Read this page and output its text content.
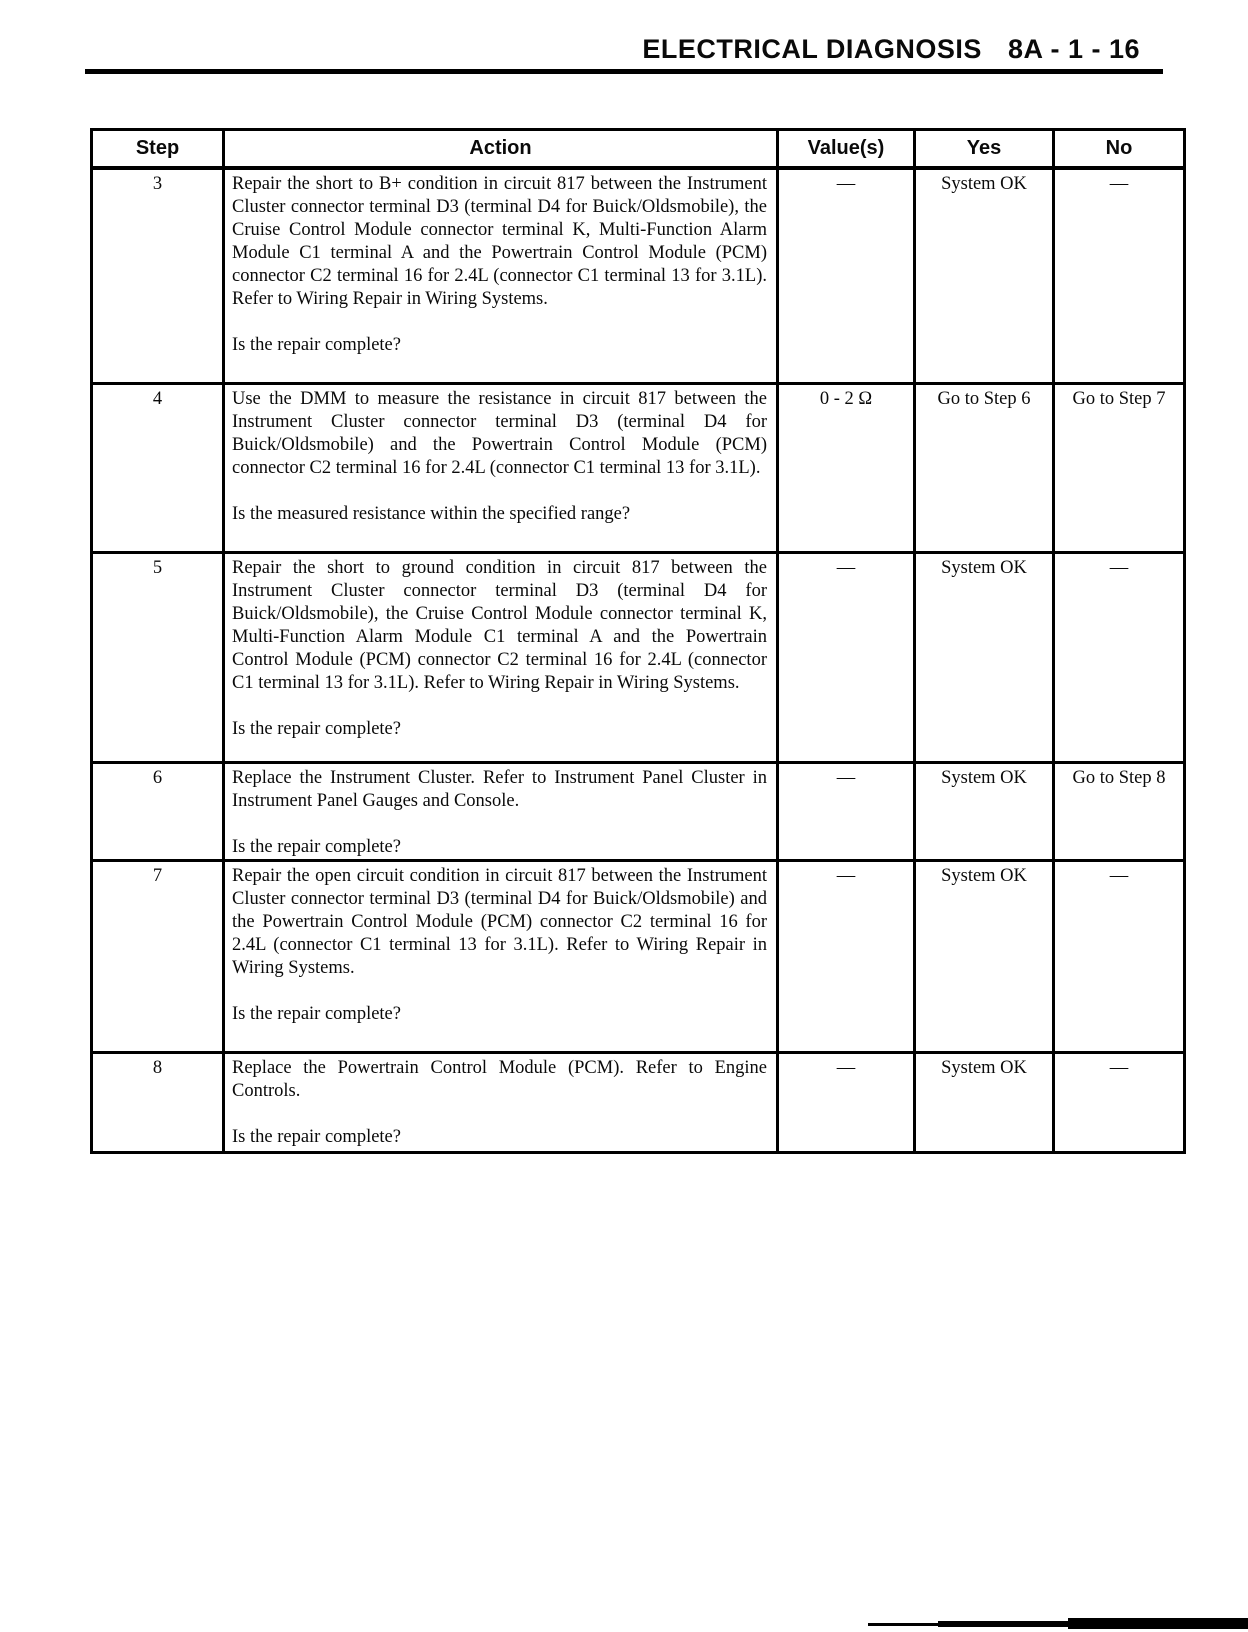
ELECTRICAL DIAGNOSIS 8A - 1 - 16
Step	Action	Value(s)	Yes	No
3	Repair the short to B+ condition in circuit 817 between the Instrument Cluster connector terminal D3 (terminal D4 for Buick/Oldsmobile), the Cruise Control Module connector terminal K, Multi-Function Alarm Module C1 terminal A and the Powertrain Control Module (PCM) connector C2 terminal 16 for 2.4L (connector C1 terminal 13 for 3.1L). Refer to Wiring Repair in Wiring Systems.
Is the repair complete?	—	System OK	—
4	Use the DMM to measure the resistance in circuit 817 between the Instrument Cluster connector terminal D3 (terminal D4 for Buick/Oldsmobile) and the Powertrain Control Module (PCM) connector C2 terminal 16 for 2.4L (connector C1 terminal 13 for 3.1L).
Is the measured resistance within the specified range?	0 - 2 Ω	Go to Step 6	Go to Step 7
5	Repair the short to ground condition in circuit 817 between the Instrument Cluster connector terminal D3 (terminal D4 for Buick/Oldsmobile), the Cruise Control Module connector terminal K, Multi-Function Alarm Module C1 terminal A and the Powertrain Control Module (PCM) connector C2 terminal 16 for 2.4L (connector C1 terminal 13 for 3.1L). Refer to Wiring Repair in Wiring Systems.
Is the repair complete?	—	System OK	—
6	Replace the Instrument Cluster. Refer to Instrument Panel Cluster in Instrument Panel Gauges and Console.
Is the repair complete?	—	System OK	Go to Step 8
7	Repair the open circuit condition in circuit 817 between the Instrument Cluster connector terminal D3 (terminal D4 for Buick/Oldsmobile) and the Powertrain Control Module (PCM) connector C2 terminal 16 for 2.4L (connector C1 terminal 13 for 3.1L). Refer to Wiring Repair in Wiring Systems.
Is the repair complete?	—	System OK	—
8	Replace the Powertrain Control Module (PCM). Refer to Engine Controls.
Is the repair complete?	—	System OK	—
